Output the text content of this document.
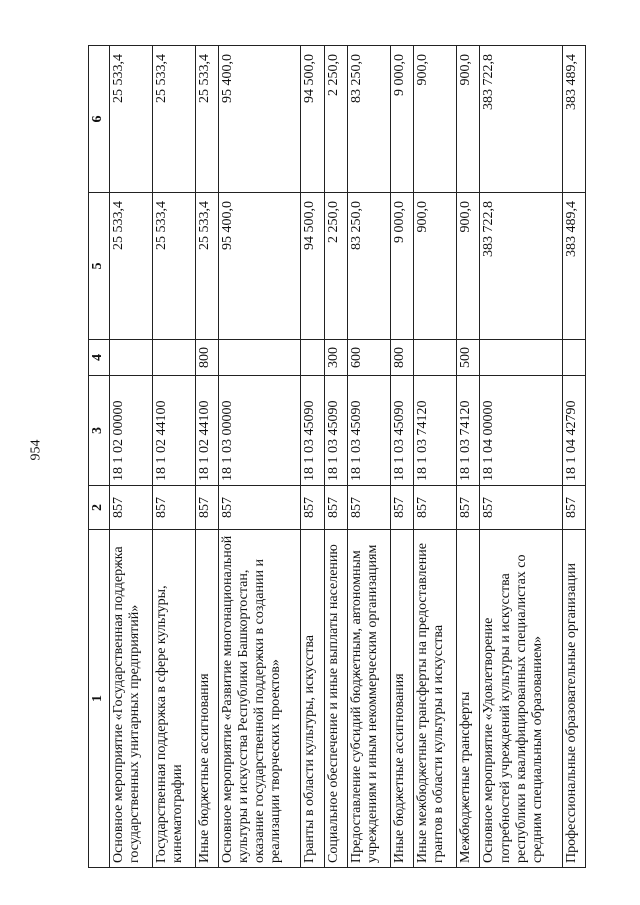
954
1	2	3	4	5	6
Основное мероприятие «Государственная поддержка государственных унитарных предприятий»	857	18 1 02 00000		25 533,4	25 533,4
Государственная поддержка в сфере культуры, кинематографии	857	18 1 02 44100		25 533,4	25 533,4
Иные бюджетные ассигнования	857	18 1 02 44100	800	25 533,4	25 533,4
Основное мероприятие «Развитие многонациональной культуры и искусства Республики Башкортостан, оказание государственной поддержки в создании и реализации творческих проектов»	857	18 1 03 00000		95 400,0	95 400,0
Гранты в области культуры, искусства	857	18 1 03 45090		94 500,0	94 500,0
Социальное обеспечение и иные выплаты населению	857	18 1 03 45090	300	2 250,0	2 250,0
Предоставление субсидий бюджетным, автономным учреждениям и иным некоммерческим организациям	857	18 1 03 45090	600	83 250,0	83 250,0
Иные бюджетные ассигнования	857	18 1 03 45090	800	9 000,0	9 000,0
Иные межбюджетные трансферты на предоставление грантов в области культуры и искусства	857	18 1 03 74120		900,0	900,0
Межбюджетные трансферты	857	18 1 03 74120	500	900,0	900,0
Основное мероприятие «Удовлетворение потребностей учреждений культуры и искусства республики в квалифицированных специалистах со средним специальным образованием»	857	18 1 04 00000		383 722,8	383 722,8
Профессиональные образовательные организации	857	18 1 04 42790		383 489,4	383 489,4
